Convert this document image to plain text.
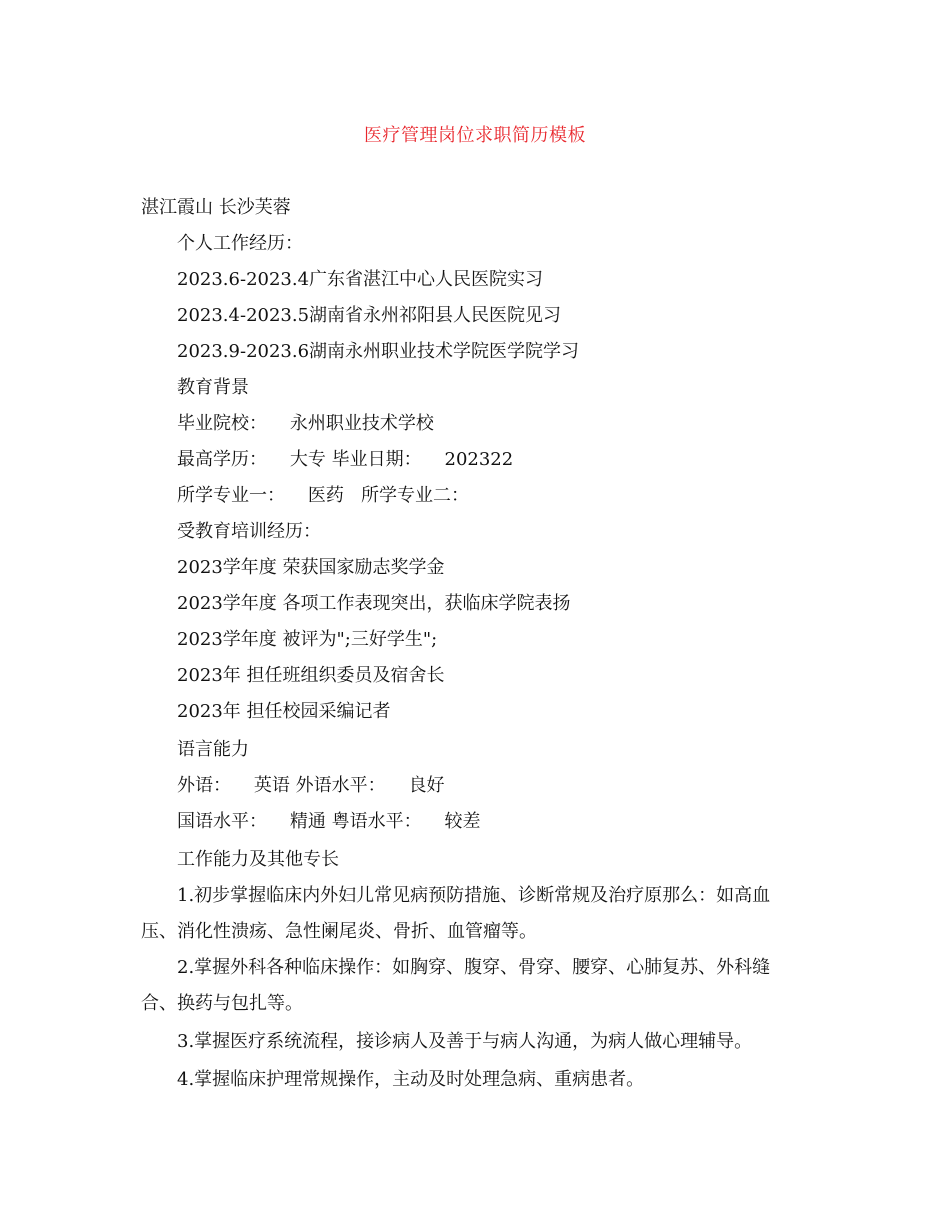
医疗管理岗位求职简历模板
湛江霞山 长沙芙蓉
个人工作经历：
2023.6-2023.4广东省湛江中心人民医院实习
2023.4-2023.5湖南省永州祁阳县人民医院见习
2023.9-2023.6湖南永州职业技术学院医学院学习
教育背景
毕业院校：    永州职业技术学校
最高学历：    大专 毕业日期：    202322
所学专业一：    医药   所学专业二：
受教育培训经历：
2023学年度 荣获国家励志奖学金
2023学年度 各项工作表现突出，获临床学院表扬
2023学年度 被评为";三好学生";
2023年 担任班组织委员及宿舍长
2023年 担任校园采编记者
语言能力
外语：    英语 外语水平：    良好
国语水平：    精通 粤语水平：    较差
工作能力及其他专长
1.初步掌握临床内外妇儿常见病预防措施、诊断常规及治疗原那么：如高血
压、消化性溃疡、急性阑尾炎、骨折、血管瘤等。
2.掌握外科各种临床操作：如胸穿、腹穿、骨穿、腰穿、心肺复苏、外科缝
合、换药与包扎等。
3.掌握医疗系统流程，接诊病人及善于与病人沟通，为病人做心理辅导。
4.掌握临床护理常规操作，主动及时处理急病、重病患者。
